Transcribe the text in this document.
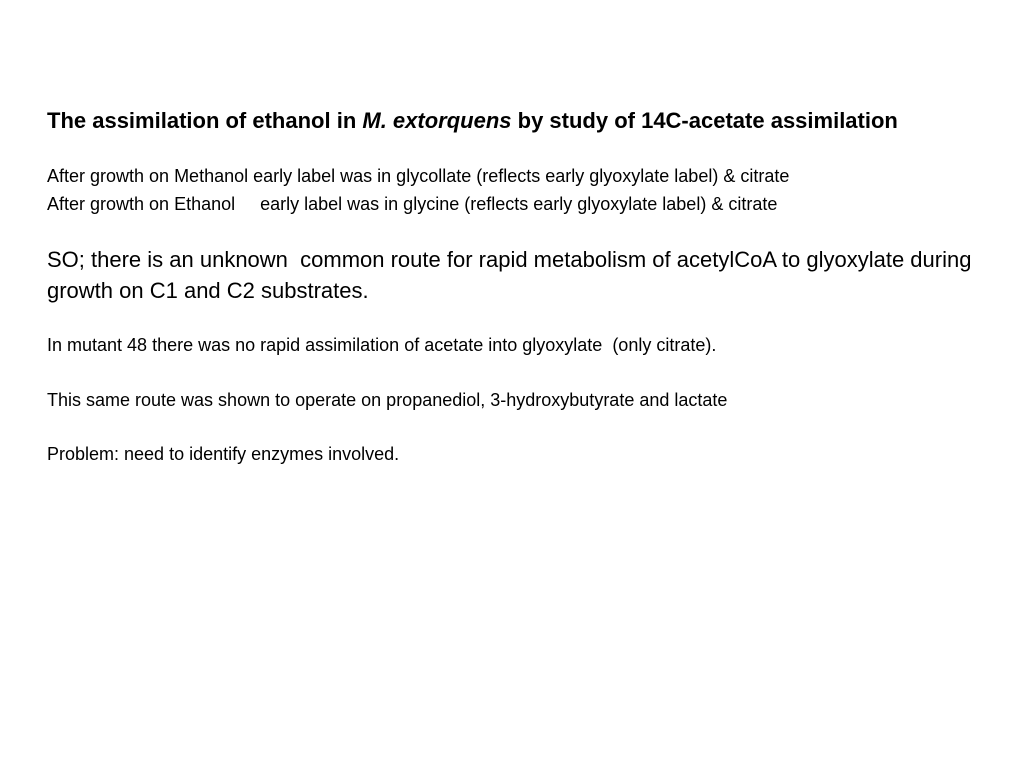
The assimilation of ethanol in M. extorquens by study of 14C-acetate assimilation

After growth on Methanol early label was in glycollate (reflects early glyoxylate label) & citrate

After growth on Ethanol     early label was in glycine (reflects early glyoxylate label) & citrate

SO; there is an unknown  common route for rapid metabolism of acetylCoA to glyoxylate during growth on C1 and C2 substrates.

In mutant 48 there was no rapid assimilation of acetate into glyoxylate  (only citrate).

This same route was shown to operate on propanediol, 3-hydroxybutyrate and lactate

Problem: need to identify enzymes involved.
